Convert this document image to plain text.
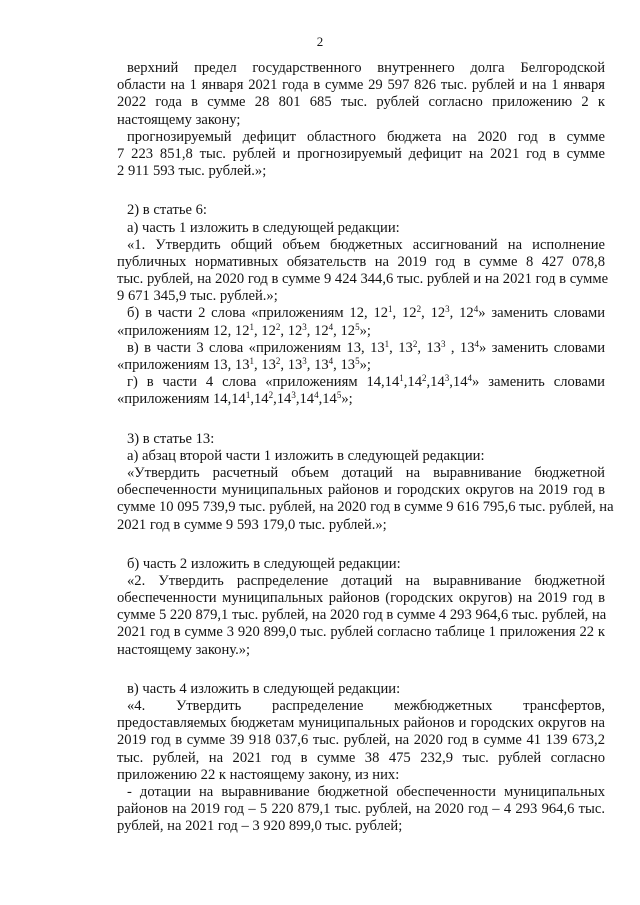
2
верхний предел государственного внутреннего долга Белгородской
области на 1 января 2021 года в сумме 29 597 826 тыс. рублей и на 1 января
2022 года в сумме 28 801 685 тыс. рублей согласно приложению 2 к
настоящему закону;
прогнозируемый дефицит областного бюджета на 2020 год в сумме
7 223 851,8 тыс. рублей и прогнозируемый дефицит на 2021 год в сумме
2 911 593 тыс. рублей.»;
2) в статье 6:
а) часть 1 изложить в следующей редакции:
«1. Утвердить общий объем бюджетных ассигнований на исполнение
публичных нормативных обязательств на 2019 год в сумме 8 427 078,8
тыс. рублей, на 2020 год в сумме 9 424 344,6 тыс. рублей и на 2021 год в сумме
9 671 345,9 тыс. рублей.»;
б) в части 2 слова «приложениям 12, $12^1$, $12^2$, $12^3$, $12^4$» заменить словами
«приложениям 12, $12^1$, $12^2$, $12^3$, $12^4$, $12^5$»;
в) в части 3 слова «приложениям 13, $13^1$, $13^2$, $13^3$ , $13^4$» заменить словами
«приложениям 13, $13^1$, $13^2$, $13^3$, $13^4$, $13^5$»;
г) в части 4 слова «приложениям $14,14^1,14^2,14^3,14^4$» заменить словами
«приложениям $14,14^1,14^2,14^3,14^4,14^5$»;
3) в статье 13:
а) абзац второй части 1 изложить в следующей редакции:
«Утвердить расчетный объем дотаций на выравнивание бюджетной
обеспеченности муниципальных районов и городских округов на 2019 год в
сумме 10 095 739,9 тыс. рублей, на 2020 год в сумме 9 616 795,6 тыс. рублей, на
2021 год в сумме 9 593 179,0 тыс. рублей.»;
б) часть 2 изложить в следующей редакции:
«2. Утвердить распределение дотаций на выравнивание бюджетной
обеспеченности муниципальных районов (городских округов) на 2019 год в
сумме 5 220 879,1 тыс. рублей, на 2020 год в сумме 4 293 964,6 тыс. рублей, на
2021 год в сумме 3 920 899,0 тыс. рублей согласно таблице 1 приложения 22 к
настоящему закону.»;
в) часть 4 изложить в следующей редакции:
«4. Утвердить распределение межбюджетных трансфертов,
предоставляемых бюджетам муниципальных районов и городских округов на
2019 год в сумме 39 918 037,6 тыс. рублей, на 2020 год в сумме 41 139 673,2
тыс. рублей, на 2021 год в сумме 38 475 232,9 тыс. рублей согласно
приложению 22 к настоящему закону, из них:
- дотации на выравнивание бюджетной обеспеченности муниципальных
районов на 2019 год – 5 220 879,1 тыс. рублей, на 2020 год – 4 293 964,6 тыс.
рублей, на 2021 год – 3 920 899,0 тыс. рублей;
